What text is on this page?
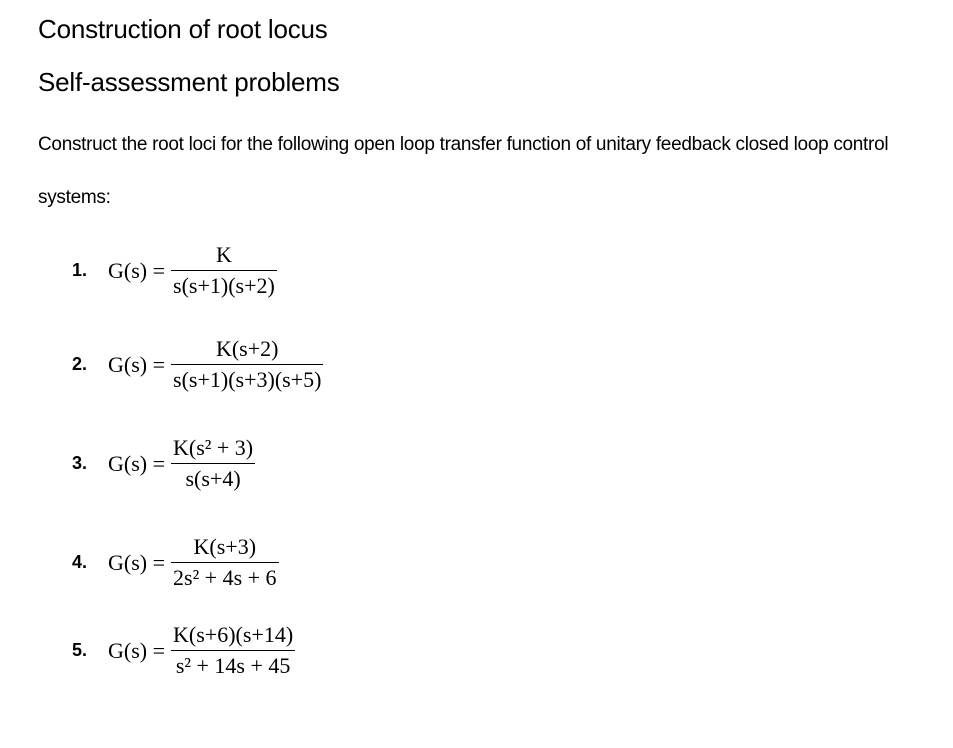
Construction of root locus
Self-assessment problems

Construct the root loci for the following open loop transfer function of unitary feedback closed loop control systems:

1. $G(s) = \frac{K}{s(s+1)(s+2)}$
2. $G(s) = \frac{K(s+2)}{s(s+1)(s+3)(s+5)}$
3. $G(s) = \frac{\text{K(s² + 3)}}{s(s+4)}$
4. $G(s) = \frac{K(s+3)}{\text{2s² + 4s + 6}}$
5. $G(s) = \frac{K(s+6)(s+14)}{\text{s² + 14s + 45}}$
